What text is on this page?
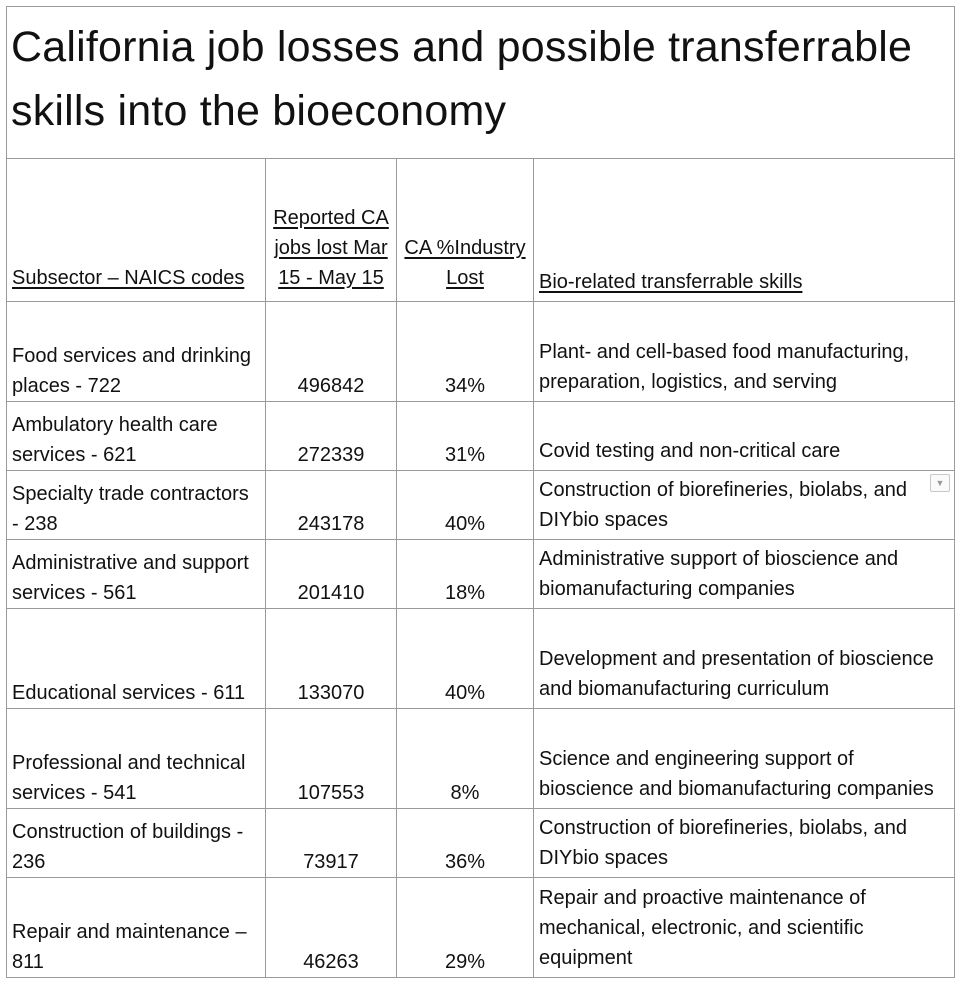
California job losses and possible transferrable skills into the bioeconomy			
Subsector – NAICS codes	Reported CA jobs lost Mar 15 - May 15	CA %Industry Lost	Bio-related transferrable skills
Food services and drinking places - 722	496842	34%	Plant- and cell-based food manufacturing, preparation, logistics, and serving
Ambulatory health care services - 621	272339	31%	Covid testing and non-critical care
Specialty trade contractors - 238	243178	40%	Construction of biorefineries, biolabs, and DIYbio spaces
Administrative and support services - 561	201410	18%	Administrative support of bioscience and biomanufacturing companies
Educational services - 611	133070	40%	Development and presentation of bioscience and biomanufacturing curriculum
Professional and technical services - 541	107553	8%	Science and engineering support of bioscience and biomanufacturing companies
Construction of buildings - 236	73917	36%	Construction of biorefineries, biolabs, and DIYbio spaces
Repair and maintenance – 811	46263	29%	Repair and proactive maintenance of mechanical, electronic, and scientific equipment
▼
